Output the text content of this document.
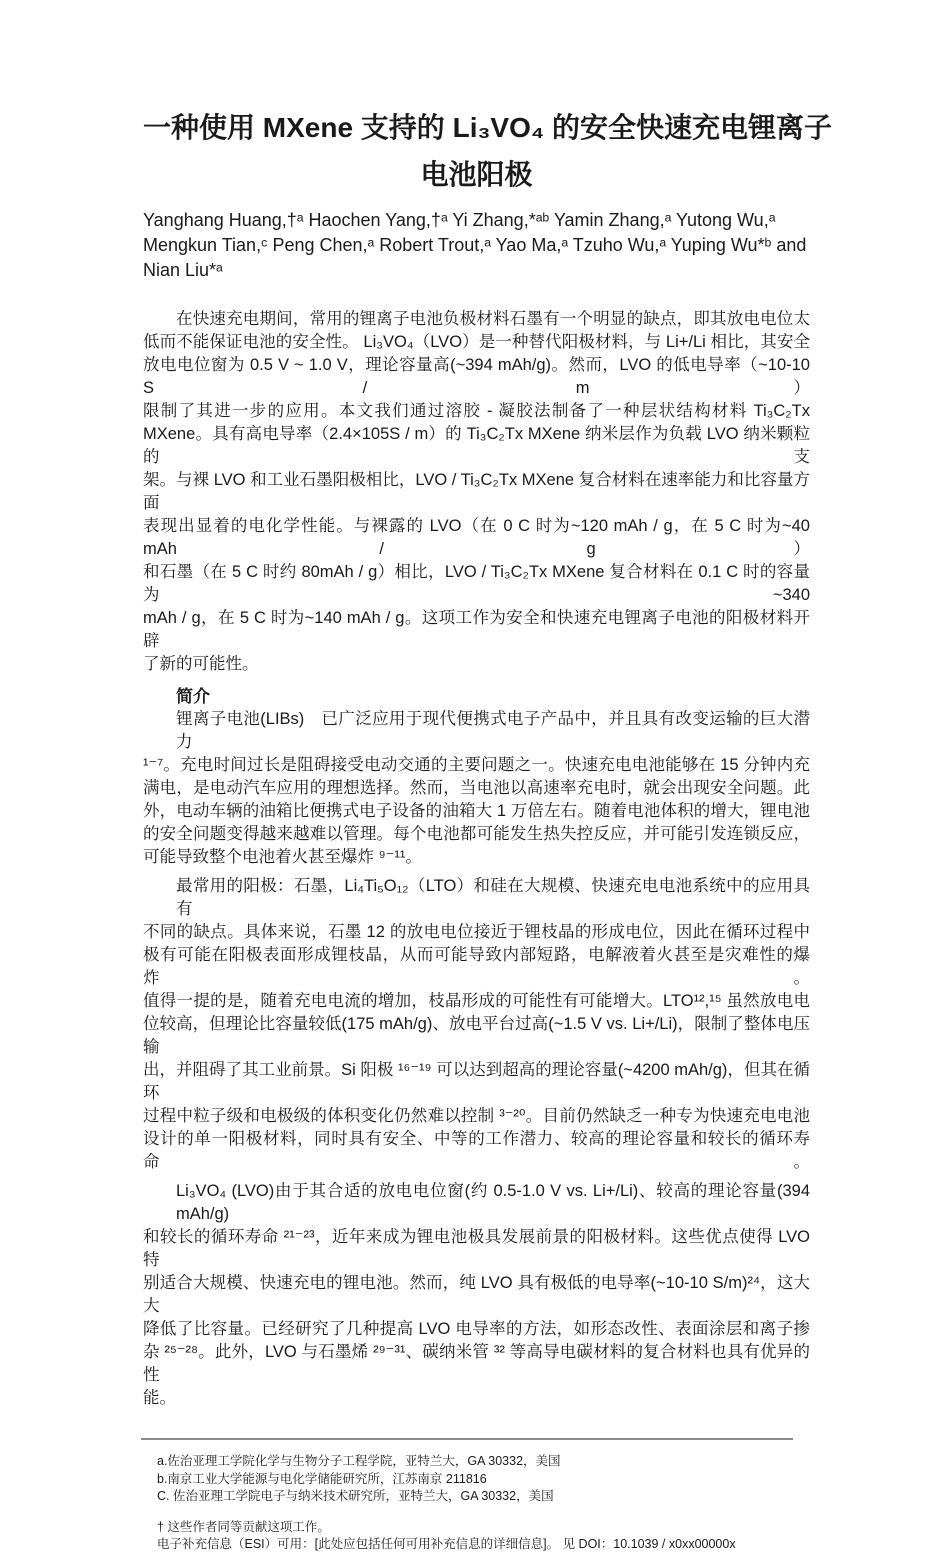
一种使用 MXene 支持的 Li₃VO₄ 的安全快速充电锂离子
电池阳极
Yanghang Huang,†ᵃ Haochen Yang,†ᵃ Yi Zhang,*ᵃᵇ Yamin Zhang,ᵃ Yutong Wu,ᵃ
Mengkun Tian,ᶜ Peng Chen,ᵃ Robert Trout,ᵃ Yao Ma,ᵃ Tzuho Wu,ᵃ Yuping Wu*ᵇ and
Nian Liu*ᵃ
在快速充电期间，常用的锂离子电池负极材料石墨有一个明显的缺点，即其放电电位太
低而不能保证电池的安全性。 Li₃VO₄（LVO）是一种替代阳极材料，与 Li+/Li 相比，其安全
放电电位窗为 0.5 V ~ 1.0 V，理论容量高(~394 mAh/g)。然而，LVO 的低电导率（~10-10 S / m）
限制了其进一步的应用。本文我们通过溶胶 - 凝胶法制备了一种层状结构材料 Ti₃C₂Tx
MXene。具有高电导率（2.4×105S / m）的 Ti₃C₂Tx MXene 纳米层作为负载 LVO 纳米颗粒的支
架。与裸 LVO 和工业石墨阳极相比，LVO / Ti₃C₂Tx MXene 复合材料在速率能力和比容量方面
表现出显着的电化学性能。与裸露的 LVO（在 0 C 时为~120 mAh / g，在 5 C 时为~40 mAh / g）
和石墨（在 5 C 时约 80mAh / g）相比，LVO / Ti₃C₂Tx MXene 复合材料在 0.1 C 时的容量为~340
mAh / g，在 5 C 时为~140 mAh / g。这项工作为安全和快速充电锂离子电池的阳极材料开辟
了新的可能性。
简介
锂离子电池(LIBs)　已广泛应用于现代便携式电子产品中，并且具有改变运输的巨大潜力
¹⁻⁷。充电时间过长是阻碍接受电动交通的主要问题之一。快速充电电池能够在 15 分钟内充
满电，是电动汽车应用的理想选择。然而，当电池以高速率充电时，就会出现安全问题。此
外，电动车辆的油箱比便携式电子设备的油箱大 1 万倍左右。随着电池体积的增大，锂电池
的安全问题变得越来越难以管理。每个电池都可能发生热失控反应，并可能引发连锁反应，
可能导致整个电池着火甚至爆炸 ⁹⁻¹¹。
最常用的阳极：石墨，Li₄Ti₅O₁₂（LTO）和硅在大规模、快速充电电池系统中的应用具有
不同的缺点。具体来说，石墨 12 的放电电位接近于锂枝晶的形成电位，因此在循环过程中
极有可能在阳极表面形成锂枝晶，从而可能导致内部短路，电解液着火甚至是灾难性的爆炸。
值得一提的是，随着充电电流的增加，枝晶形成的可能性有可能增大。LTO¹²,¹⁵ 虽然放电电
位较高，但理论比容量较低(175 mAh/g)、放电平台过高(~1.5 V vs. Li+/Li)，限制了整体电压输
出，并阻碍了其工业前景。Si 阳极 ¹⁶⁻¹⁹ 可以达到超高的理论容量(~4200 mAh/g)，但其在循环
过程中粒子级和电极级的体积变化仍然难以控制 ³⁻²⁰。目前仍然缺乏一种专为快速充电电池
设计的单一阳极材料，同时具有安全、中等的工作潜力、较高的理论容量和较长的循环寿命。
Li₃VO₄ (LVO)由于其合适的放电电位窗(约 0.5-1.0 V vs. Li+/Li)、较高的理论容量(394 mAh/g)
和较长的循环寿命 ²¹⁻²³，近年来成为锂电池极具发展前景的阳极材料。这些优点使得 LVO 特
别适合大规模、快速充电的锂电池。然而，纯 LVO 具有极低的电导率(~10-10 S/m)²⁴，这大大
降低了比容量。已经研究了几种提高 LVO 电导率的方法，如形态改性、表面涂层和离子掺
杂 ²⁵⁻²⁸。此外，LVO 与石墨烯 ²⁹⁻³¹、碳纳米管 ³² 等高导电碳材料的复合材料也具有优异的性
能。
a.佐治亚理工学院化学与生物分子工程学院，亚特兰大，GA 30332，美国
b.南京工业大学能源与电化学储能研究所，江苏南京 211816
C. 佐治亚理工学院电子与纳米技术研究所，亚特兰大，GA 30332，美国
† 这些作者同等贡献这项工作。
电子补充信息（ESI）可用：[此处应包括任何可用补充信息的详细信息]。 见 DOI：10.1039 / x0xx00000x
